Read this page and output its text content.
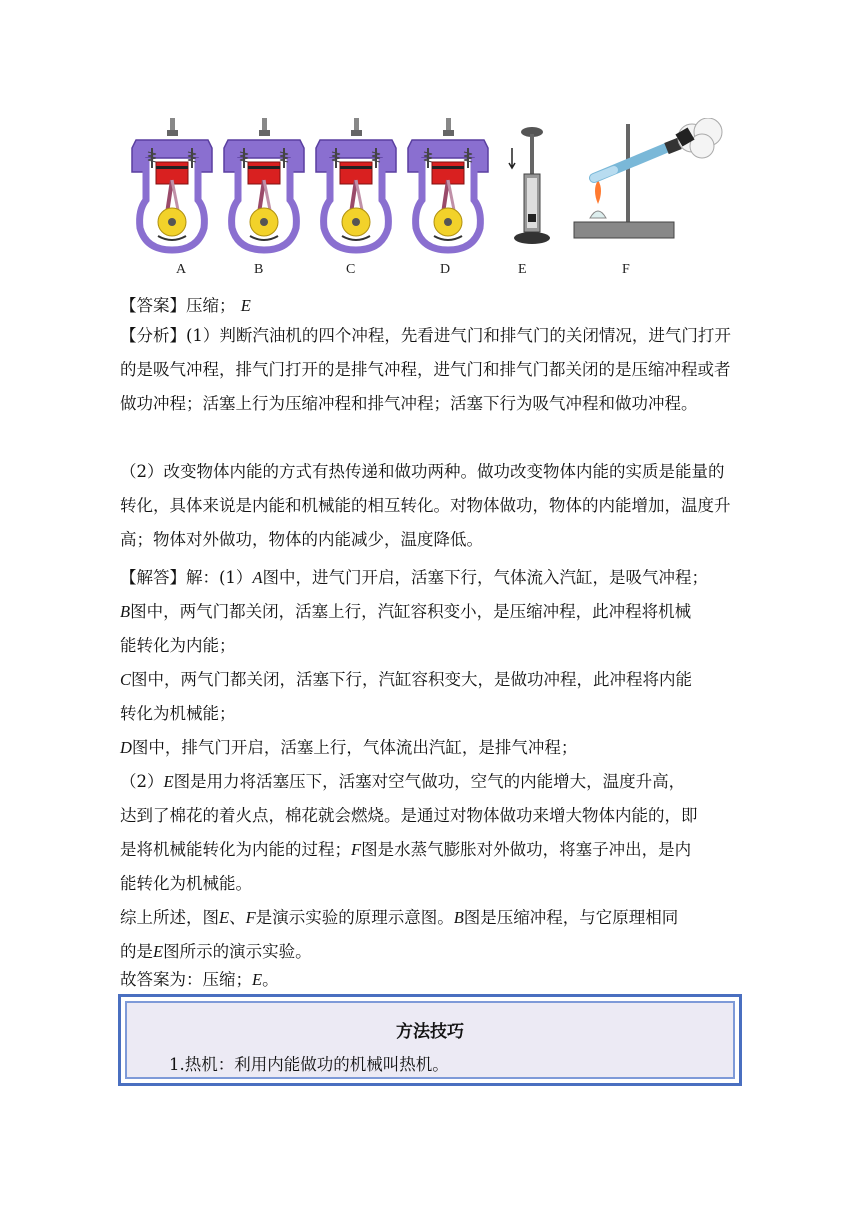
A	B	C	D	E	F
【答案】压缩； E
【分析】(1）判断汽油机的四个冲程，先看进气门和排气门的关闭情况，进气门打开的是吸气冲程，排气门打开的是排气冲程，进气门和排气门都关闭的是压缩冲程或者做功冲程；活塞上行为压缩冲程和排气冲程；活塞下行为吸气冲程和做功冲程。
（2）改变物体内能的方式有热传递和做功两种。做功改变物体内能的实质是能量的转化，具体来说是内能和机械能的相互转化。对物体做功，物体的内能增加，温度升高；物体对外做功，物体的内能减少，温度降低。
【解答】解：(1）A图中，进气门开启，活塞下行，气体流入汽缸，是吸气冲程；
B图中，两气门都关闭，活塞上行，汽缸容积变小，是压缩冲程，此冲程将机械
能转化为内能；
C图中，两气门都关闭，活塞下行，汽缸容积变大，是做功冲程，此冲程将内能
转化为机械能；
D图中，排气门开启，活塞上行，气体流出汽缸，是排气冲程；
（2）E图是用力将活塞压下，活塞对空气做功，空气的内能增大，温度升高，
达到了棉花的着火点，棉花就会燃烧。是通过对物体做功来增大物体内能的，即
是将机械能转化为内能的过程；F图是水蒸气膨胀对外做功，将塞子冲出，是内
能转化为机械能。
综上所述，图E、F是演示实验的原理示意图。B图是压缩冲程，与它原理相同
的是E图所示的演示实验。
故答案为：压缩；E。
方法技巧
1.热机：利用内能做功的机械叫热机。
